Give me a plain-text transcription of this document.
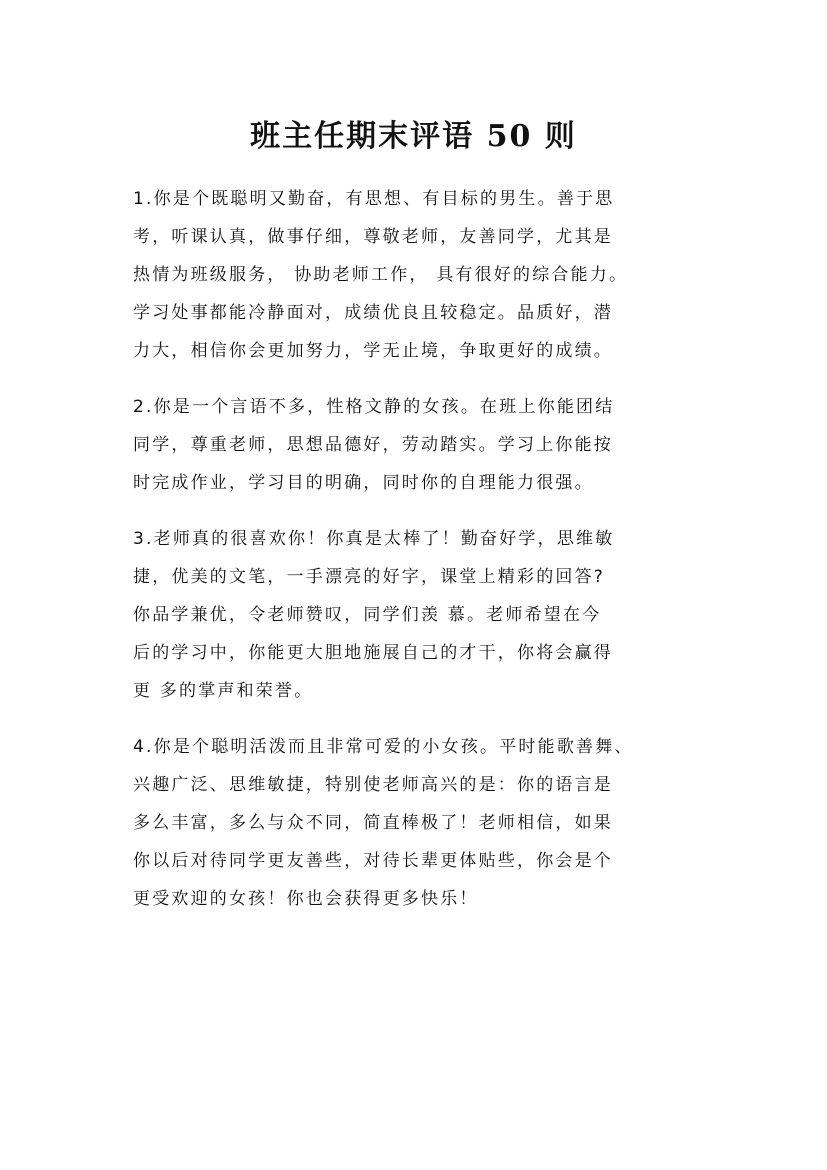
班主任期末评语 50 则
1.你是个既聪明又勤奋，有思想、有目标的男生。善于思
考，听课认真，做事仔细，尊敬老师，友善同学，尤其是
热情为班级服务， 协助老师工作， 具有很好的综合能力。
学习处事都能冷静面对，成绩优良且较稳定。品质好，潜
力大，相信你会更加努力，学无止境，争取更好的成绩。
2.你是一个言语不多，性格文静的女孩。在班上你能团结
同学，尊重老师，思想品德好，劳动踏实。学习上你能按
时完成作业，学习目的明确，同时你的自理能力很强。
3.老师真的很喜欢你！你真是太棒了！勤奋好学，思维敏
捷，优美的文笔，一手漂亮的好字，课堂上精彩的回答?
你品学兼优，令老师赞叹，同学们羡 慕。老师希望在今
后的学习中，你能更大胆地施展自己的才干，你将会赢得
更 多的掌声和荣誉。
4.你是个聪明活泼而且非常可爱的小女孩。平时能歌善舞、
兴趣广泛、思维敏捷，特别使老师高兴的是：你的语言是
多么丰富，多么与众不同，简直棒极了！老师相信，如果
你以后对待同学更友善些，对待长辈更体贴些，你会是个
更受欢迎的女孩！你也会获得更多快乐！
